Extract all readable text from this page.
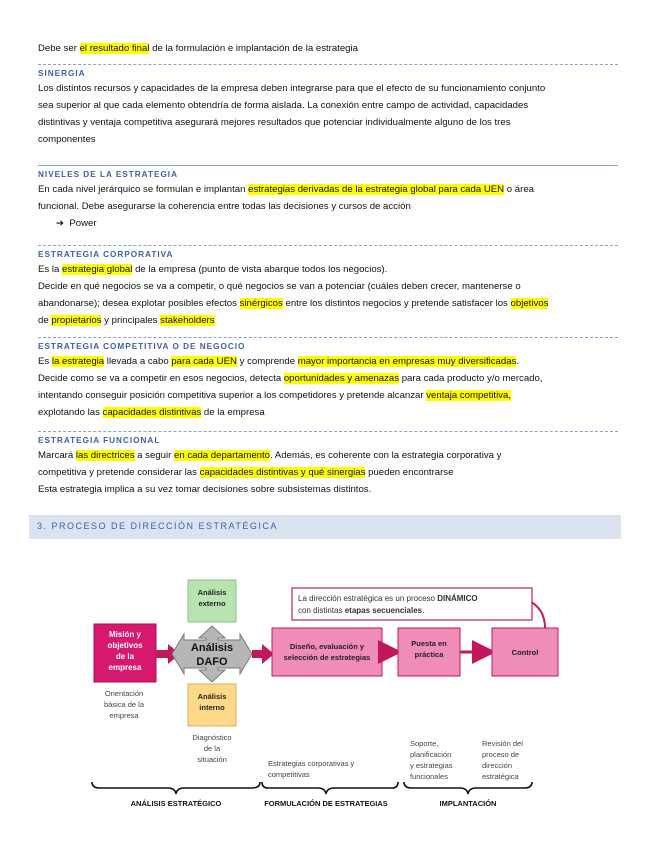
Debe ser el resultado final de la formulación e implantación de la estrategia

SINERGIA

Los distintos recursos y capacidades de la empresa deben integrarse para que el efecto de su funcionamiento conjunto

sea superior al que cada elemento obtendría de forma aislada. La conexión entre campo de actividad, capacidades

distintivas y ventaja competitiva asegurará mejores resultados que potenciar individualmente alguno de los tres

componentes

NIVELES DE LA ESTRATEGIA

En cada nivel jerárquico se formulan e implantan estrategias derivadas de la estrategia global para cada UEN o área

funcional. Debe asegurarse la coherencia entre todas las decisiones y cursos de acción

➔ Power

ESTRATEGIA CORPORATIVA

Es la estrategia global de la empresa (punto de vista abarque todos los negocios).

Decide en qué negocios se va a competir, o qué negocios se van a potenciar (cuáles deben crecer, mantenerse o

abandonarse); desea explotar posibles efectos sinérgicos entre los distintos negocios y pretende satisfacer los objetivos

de propietarios y principales stakeholders

ESTRATEGIA COMPETITIVA O DE NEGOCIO

Es la estrategia llevada a cabo para cada UEN y comprende mayor importancia en empresas muy diversificadas.

Decide como se va a competir en esos negocios, detecta oportunidades y amenazas para cada producto y/o mercado,

intentando conseguir posición competitiva superior a los competidores y pretende alcanzar ventaja competitiva,

explotando las capacidades distintivas de la empresa

ESTRATEGIA FUNCIONAL

Marcará las directrices a seguir en cada departamento. Además, es coherente con la estrategia corporativa y

competitiva y pretende considerar las capacidades distintivas y qué sinergias pueden encontrarse

Esta estrategia implica a su vez tomar decisiones sobre subsistemas distintos.

3. PROCESO DE DIRECCIÓN ESTRATÉGICA
Análisis
externo
Misión y
objetivos
de la
empresa
Análisis
DAFO
Análisis
interno
Diseño, evaluación y
selección de estrategias
Puesta en
práctica	Control
La dirección estratégica es un proceso DINÁMICO
con distintas etapas secuenciales.
Orientación
básica de la
empresa
Diagnóstico
de la
situación	Estrategias corporativas y
competitivas
Soporte,
planificación
y estrategias
funcionales
Revisión del
proceso de
dirección
estratégica
ANÁLISIS ESTRATÉGICO	FORMULACIÓN DE ESTRATEGIAS	IMPLANTACIÓN
